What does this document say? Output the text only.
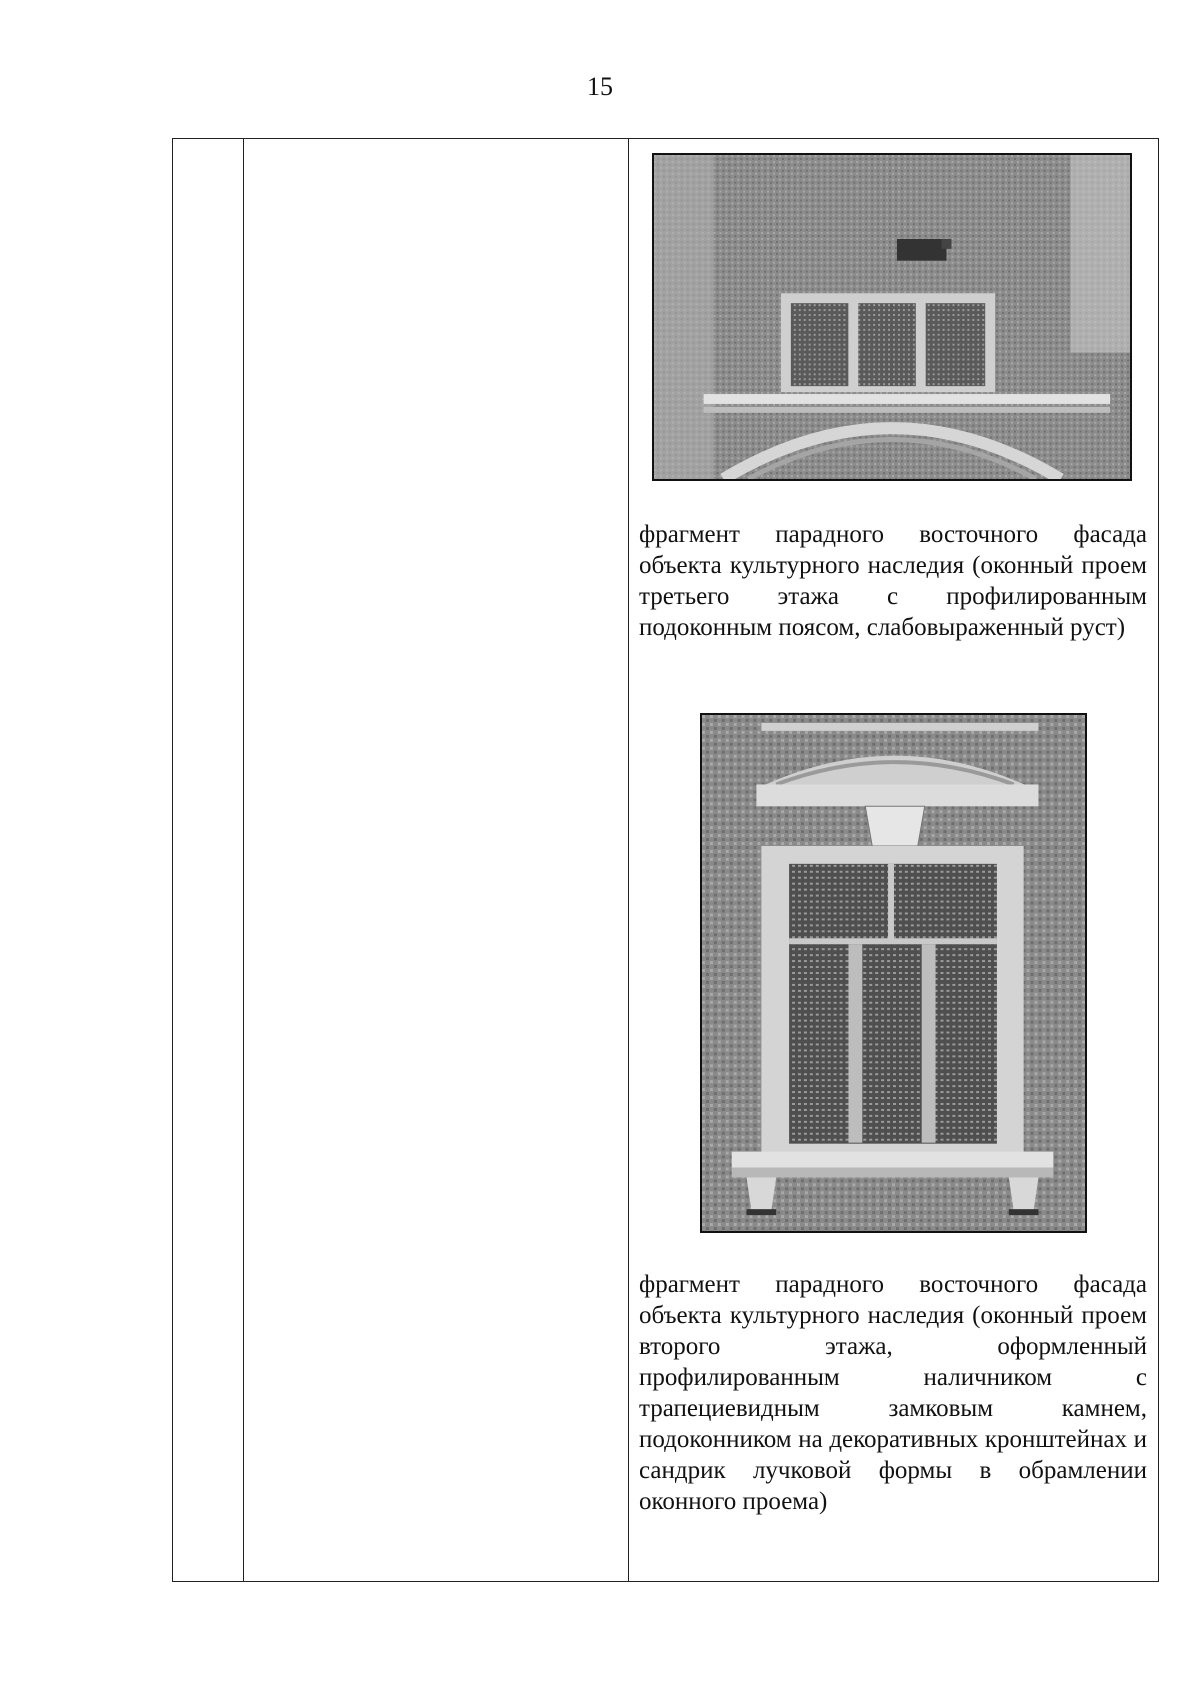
15

фрагмент парадного восточного фасада объекта культурного наследия (оконный проем третьего этажа с профилированным подоконным поясом, слабовыраженный руст)

фрагмент парадного восточного фасада объекта культурного наследия (оконный проем второго этажа, оформленный профилированным наличником с трапециевидным замковым камнем, подоконником на декоративных кронштейнах и сандрик лучковой формы в обрамлении оконного проема)
